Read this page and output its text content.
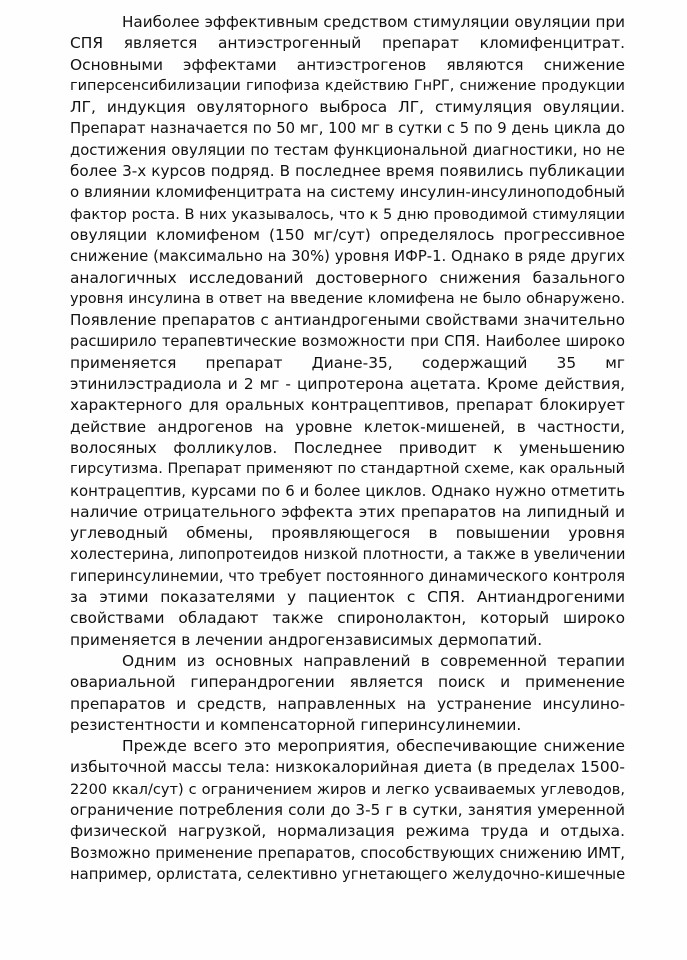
Наиболее эффективным средством стимуляции овуляции при
СПЯ является антиэстрогенный препарат кломифенцитрат.
Основными эффектами антиэстрогенов являются снижение
гиперсенсибилизации гипофиза кдействию ГнРГ, снижение продукции
ЛГ, индукция овуляторного выброса ЛГ, стимуляция овуляции.
Препарат назначается по 50 мг, 100 мг в сутки с 5 по 9 день цикла до
достижения овуляции по тестам функциональной диагностики, но не
более 3-х курсов подряд. В последнее время появились публикации
о влиянии кломифенцитрата на систему инсулин-инсулиноподобный
фактор роста. В них указывалось, что к 5 дню проводимой стимуляции
овуляции кломифеном (150 мг/сут) определялось прогрессивное
снижение (максимально на 30%) уровня ИФР-1. Однако в ряде других
аналогичных исследований достоверного снижения базального
уровня инсулина в ответ на введение кломифена не было обнаружено.
Появление препаратов с антиандрогеными свойствами значительно
расширило терапевтические возможности при СПЯ. Наиболее широко
применяется препарат Диане-35, содержащий 35 мг
этинилэстрадиола и 2 мг - ципротерона ацетата. Кроме действия,
характерного для оральных контрацептивов, препарат блокирует
действие андрогенов на уровне клеток-мишеней, в частности,
волосяных фолликулов. Последнее приводит к уменьшению
гирсутизма. Препарат применяют по стандартной схеме, как оральный
контрацептив, курсами по 6 и более циклов. Однако нужно отметить
наличие отрицательного эффекта этих препаратов на липидный и
углеводный обмены, проявляющегося в повышении уровня
холестерина, липопротеидов низкой плотности, а также в увеличении
гиперинсулинемии, что требует постоянного динамического контроля
за этими показателями у пациенток с СПЯ. Антиандрогеними
свойствами обладают также спиронолактон, который широко
применяется в лечении андрогензависимых дермопатий.
Одним из основных направлений в современной терапии
овариальной гиперандрогении является поиск и применение
препаратов и средств, направленных на устранение инсулино-
резистентности и компенсаторной гиперинсулинемии.
Прежде всего это мероприятия, обеспечивающие снижение
избыточной массы тела: низкокалорийная диета (в пределах 1500-
2200 ккал/сут) с ограничением жиров и легко усваиваемых углеводов,
ограничение потребления соли до 3-5 г в сутки, занятия умеренной
физической нагрузкой, нормализация режима труда и отдыха.
Возможно применение препаратов, способствующих снижению ИМТ,
например, орлистата, селективно угнетающего желудочно-кишечные
